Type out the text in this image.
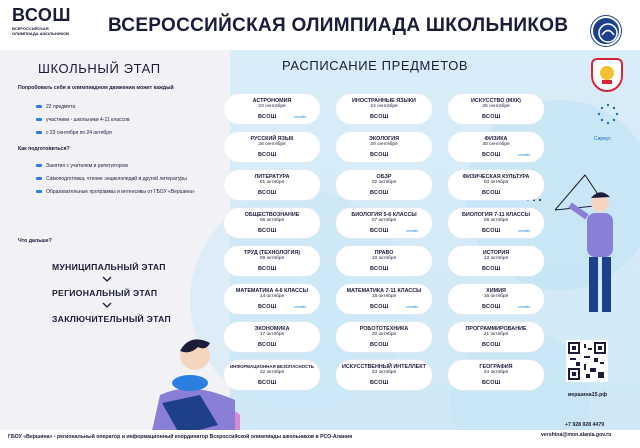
ВСОШ
ВСЕРОССИЙСКАЯ ОЛИМПИАДА ШКОЛЬНИКОВ ВСЕРОССИЙСКАЯ ОЛИМПИАДА ШКОЛЬНИКОВ
Сириус
ШКОЛЬНЫЙ ЭТАП
Попробовать себя в олимпиадном движении может каждый
22 предмета
участники - школьники 4-11 классов
с 23 сентября по 24 октября
Как подготовиться?
Занятия с учителем и репетитором
Самоподготовка, чтение энциклопедий и другой литературы
Образовательные программы и интенсивы от ГБОУ «Вершина»
Что дальше?
МУНИЦИПАЛЬНЫЙ ЭТАП
РЕГИОНАЛЬНЫЙ ЭТАП
ЗАКЛЮЧИТЕЛЬНЫЙ ЭТАП
РАСПИСАНИЕ ПРЕДМЕТОВ
АСТРОНОМИЯ
23 сентября
ВСОШ	онлайн
ИНОСТРАННЫЕ ЯЗЫКИ
24 сентября
ВСОШ
ИСКУССТВО (МХК)
25 сентября
ВСОШ
РУССКИЙ ЯЗЫК
26 сентября
ВСОШ
ЭКОЛОГИЯ
29 сентября
ВСОШ
ФИЗИКА
30 сентября
ВСОШ	онлайн
ЛИТЕРАТУРА
01 октября
ВСОШ
ОБЗР
02 октября
ВСОШ
ФИЗИЧЕСКАЯ КУЛЬТУРА
03 октября
ВСОШ
ОБЩЕСТВОЗНАНИЕ
06 октября
ВСОШ
БИОЛОГИЯ 5-6 КЛАССЫ
07 октября
ВСОШ	онлайн
БИОЛОГИЯ 7-11 КЛАССЫ
08 октября
ВСОШ	онлайн
ТРУД (ТЕХНОЛОГИЯ)
09 октября
ВСОШ
ПРАВО
10 октября
ВСОШ
ИСТОРИЯ
13 октября
ВСОШ
МАТЕМАТИКА 4-6 КЛАССЫ
14 октября
ВСОШ	онлайн
МАТЕМАТИКА 7-11 КЛАССЫ
15 октября
ВСОШ	онлайн
ХИМИЯ
16 октября
ВСОШ	онлайн
ЭКОНОМИКА
17 октября
ВСОШ
РОБОТОТЕХНИКА
20 октября
ВСОШ
ПРОГРАММИРОВАНИЕ
21 октября
ВСОШ
ИНФОРМАЦИОННАЯ БЕЗОПАСНОСТЬ
22 октября
ВСОШ
ИСКУССТВЕННЫЙ ИНТЕЛЛЕКТ
23 октября
ВСОШ
ГЕОГРАФИЯ
24 октября
ВСОШ
вершина15.рф
ГБОУ «Вершина» - региональный оператор и информационный координатор Всероссийской олимпиады школьников в РСО-Алания
+7 928 928 4479
vershina@mon.alania.gov.ru
